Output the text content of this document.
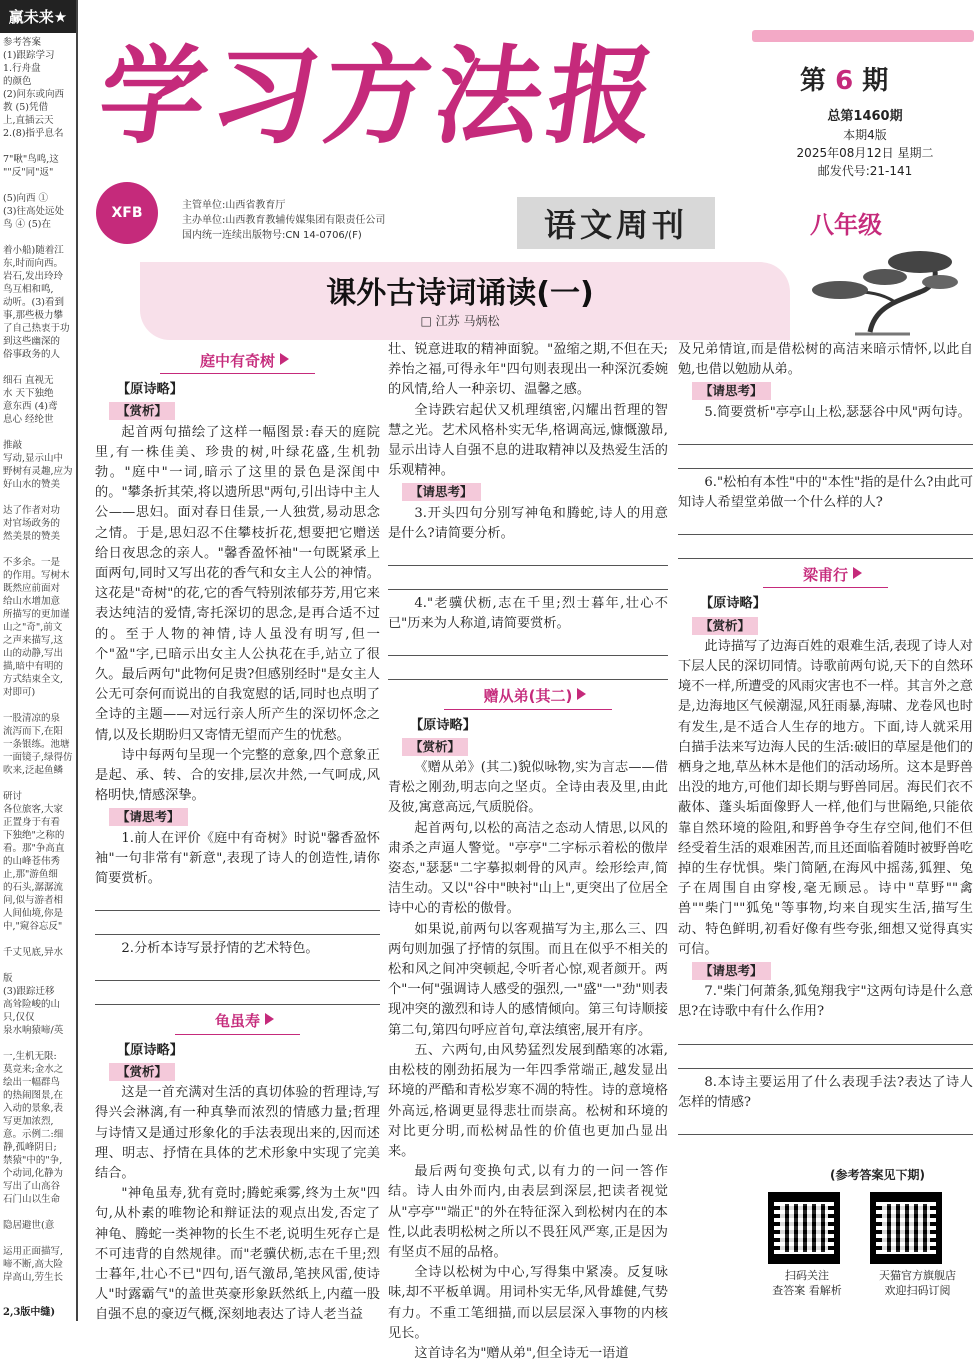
赢未来★
参考答案
(1)跟踪学习
1.行舟盘
的颜色
(2)问东或向西
教 (5)凭借
上,直插云天
2.(8)指乎息名

7"啾"鸟鸣,这
""反"同"返"

(5)向西 ①
(3)往高处远处
鸟 ④ (5)在

着小船)随着江
东,时而向西。
岩石,发出玲玲
鸟互相和鸣,
动听。(3)看到
事,那些极力攀
了自己热衷于功
到这些幽深的
俗事政务的人

细石 直视无
水 天下独绝
意东西 (4)鸢
息心 经纶世

推敲
写动,显示山中
野树有灵趣,应为
好山水的赞美

达了作者对功
对官场政务的
然美景的赞美

不多余。一是
的作用。写树木
既然应前面对
给山水增加意
所描写的更加谨
山之"奇",前文
之声来描写,这
山的动静,写出
描,暗中有明的
方式结束全文,
对即可)

一股清凉的泉
流泻而下,在阳
一条银练。池塘
一面镜子,绿得仿
吹来,泛起鱼鳞

研讨
各位旅客,大家
正置身于有看
下独绝"之称的
看。那"争高直
的山峰苍伟秀
止,那"游鱼细
的石头,潺潺流
问,似与游者相
人间仙境,你是
中,"窥谷忘反"

千丈见底,异水

版
(3)跟踪迁移
高耸险峻的山
只,仅仅
泉水响猿啼/英

一,生机无限:
莫竞来;金水之
绘出一幅群鸟
的热闹图景,在
入动的景象,表
写更加浓烈,
意。示例二:细
静,孤峰阴日;
禁猿"中的"争,
个动词,化静为
写出了山高谷
石门山以生命

隐居避世(意

运用正面描写,
啼不断,高大险
岸高山,劳生长
2,3版中缝)
学习方法报	第 6 期
总第1460期
本期4版
2025年08月12日 星期二
邮发代号:21-141
XFB	主管单位:山西省教育厅
主办单位:山西教育教辅传媒集团有限责任公司
国内统一连续出版物号:CN 14-0706/(F)	语文周刊	八年级
课外古诗词诵读(一)
□ 江苏 马炳松
庭中有奇树
【原诗略】
【赏析】

起首两句描绘了这样一幅图景:春天的庭院里,有一株佳美、珍贵的树,叶绿花盛,生机勃勃。"庭中"一词,暗示了这里的景色是深闺中的。"攀条折其荣,将以遗所思"两句,引出诗中主人公——思妇。面对春日佳景,一人独赏,易动思念之情。于是,思妇忍不住攀枝折花,想要把它赠送给日夜思念的亲人。"馨香盈怀袖"一句既紧承上面两句,同时又写出花的香气和女主人公的神情。这花是"奇树"的花,它的香气特别浓郁芬芳,用它来表达纯洁的爱情,寄托深切的思念,是再合适不过的。至于人物的神情,诗人虽没有明写,但一个"盈"字,已暗示出女主人公执花在手,站立了很久。最后两句"此物何足贵?但感别经时"是女主人公无可奈何而说出的自我宽慰的话,同时也点明了全诗的主题——对远行亲人所产生的深切怀念之情,以及长期盼归又寄情无望而产生的忧愁。

诗中每两句呈现一个完整的意象,四个意象正是起、承、转、合的安排,层次井然,一气呵成,风格明快,情感深挚。

【请思考】

1.前人在评价《庭中有奇树》时说"馨香盈怀袖"一句非常有"新意",表现了诗人的创造性,请你简要赏析。

2.分析本诗写景抒情的艺术特色。

龟虽寿
【原诗略】
【赏析】

这是一首充满对生活的真切体验的哲理诗,写得兴会淋漓,有一种真挚而浓烈的情感力量;哲理与诗情又是通过形象化的手法表现出来的,因而述理、明志、抒情在具体的艺术形象中实现了完美结合。

"神龟虽寿,犹有竟时;腾蛇乘雾,终为土灰"四句,从朴素的唯物论和辩证法的观点出发,否定了神龟、腾蛇一类神物的长生不老,说明生死存亡是不可违背的自然规律。而"老骥伏枥,志在千里;烈士暮年,壮心不已"四句,语气激昂,笔挟风雷,使诗人"时露霸气"的盖世英豪形象跃然纸上,内蕴一股自强不息的豪迈气概,深刻地表达了诗人老当益

壮、锐意进取的精神面貌。"盈缩之期,不但在天;养怡之福,可得永年"四句则表现出一种深沉委婉的风情,给人一种亲切、温馨之感。

全诗跌宕起伏又机理缜密,闪耀出哲理的智慧之光。艺术风格朴实无华,格调高远,慷慨激昂,显示出诗人自强不息的进取精神以及热爱生活的乐观精神。

【请思考】

3.开头四句分别写神龟和腾蛇,诗人的用意是什么?请简要分析。

4."老骥伏枥,志在千里;烈士暮年,壮心不已"历来为人称道,请简要赏析。

赠从弟(其二)
【原诗略】
【赏析】

《赠从弟》(其二)貌似咏物,实为言志——借青松之刚劲,明志向之坚贞。全诗由表及里,由此及彼,寓意高远,气质脱俗。

起首两句,以松的高洁之态动人情思,以风的肃杀之声逼人警觉。"亭亭"二字标示着松的傲岸姿态,"瑟瑟"二字摹拟刺骨的风声。绘形绘声,简洁生动。又以"谷中"映衬"山上",更突出了位居全诗中心的青松的傲骨。

如果说,前两句以客观描写为主,那么三、四两句则加强了抒情的氛围。而且在似乎不相关的松和风之间冲突顿起,令听者心惊,观者颜开。两个"一何"强调诗人感受的强烈,一"盛"一"劲"则表现冲突的激烈和诗人的感情倾向。第三句诗顺接第二句,第四句呼应首句,章法缜密,展开有序。

五、六两句,由风势猛烈发展到酷寒的冰霜,由松枝的刚劲拓展为一年四季常端正,越发显出环境的严酷和青松岁寒不凋的特性。诗的意境格外高远,格调更显得悲壮而崇高。松树和环境的对比更分明,而松树品性的价值也更加凸显出来。

最后两句变换句式,以有力的一问一答作结。诗人由外而内,由表层到深层,把读者视觉从"亭亭""端正"的外在特征深入到松树内在的本性,以此表明松树之所以不畏狂风严寒,正是因为有坚贞不屈的品格。

全诗以松树为中心,写得集中紧凑。反复咏味,却不平板单调。用词朴实无华,风骨雄健,气势有力。不重工笔细描,而以层层深入事物的内核见长。

这首诗名为"赠从弟",但全诗无一语道

及兄弟情谊,而是借松树的高洁来暗示情怀,以此自勉,也借以勉励从弟。

【请思考】

5.简要赏析"亭亭山上松,瑟瑟谷中风"两句诗。

6."松柏有本性"中的"本性"指的是什么?由此可知诗人希望堂弟做一个什么样的人?

梁甫行
【原诗略】
【赏析】

此诗描写了边海百姓的艰难生活,表现了诗人对下层人民的深切同情。诗歌前两句说,天下的自然环境不一样,所遭受的风雨灾害也不一样。其言外之意是,边海地区气候潮湿,风狂雨暴,海啸、龙卷风也时有发生,是不适合人生存的地方。下面,诗人就采用白描手法来写边海人民的生活:破旧的草屋是他们的栖身之地,草丛林木是他们的活动场所。这本是野兽出没的地方,可他们却长期与野兽同居。海民们衣不蔽体、蓬头垢面像野人一样,他们与世隔绝,只能依靠自然环境的险阻,和野兽争夺生存空间,他们不但经受着生活的艰难困苦,而且还面临着随时被野兽吃掉的生存忧惧。柴门简陋,在海风中摇荡,狐狸、兔子在周围自由穿梭,毫无顾忌。诗中"草野""禽兽""柴门""狐兔"等事物,均来自现实生活,描写生动、特色鲜明,初看好像有些夸张,细想又觉得真实可信。

【请思考】

7."柴门何萧条,狐兔翔我宇"这两句诗是什么意思?在诗歌中有什么作用?

8.本诗主要运用了什么表现手法?表达了诗人怎样的情感?

(参考答案见下期)
扫码关注
查答案 看解析
天猫官方旗舰店
欢迎扫码订阅
